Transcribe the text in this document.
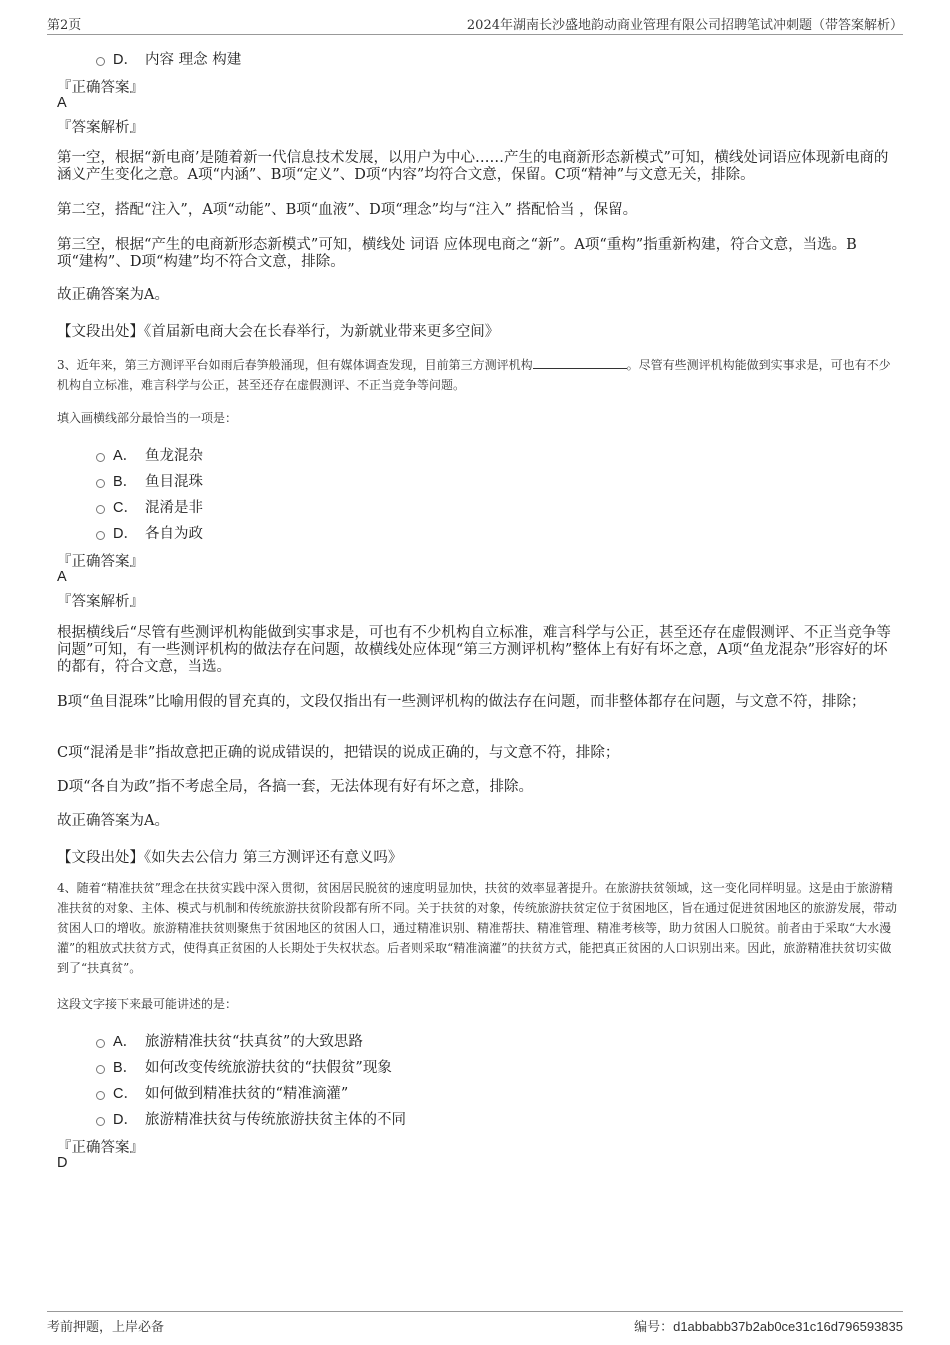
第2页	2024年湖南长沙盛地韵动商业管理有限公司招聘笔试冲刺题（带答案解析）
D． 内容 理念 构建
『正确答案』
A
『答案解析』
第一空，根据“新电商’是随着新一代信息技术发展，以用户为中心……产生的电商新形态新模式”可知，横线处词语应体现新电商的涵义产生变化之意。A项“内涵”、B项“定义”、D项“内容”均符合文意，保留。C项“精神”与文意无关，排除。
第二空，搭配“注入”，A项“动能”、B项“血液”、D项“理念”均与“注入” 搭配恰当 ，保留。
第三空，根据“产生的电商新形态新模式”可知，横线处 词语 应体现电商之“新”。A项“重构”指重新构建，符合文意，当选。B项“建构”、D项“构建”均不符合文意，排除。
故正确答案为A。
【文段出处】《首届新电商大会在长春举行，为新就业带来更多空间》
3、近年来，第三方测评平台如雨后春笋般涌现，但有媒体调查发现，目前第三方测评机构	。尽管有些测评机构能做到实事求是，可也有不少机构自立标准，难言科学与公正，甚至还存在虚假测评、不正当竞争等问题。
填入画横线部分最恰当的一项是：
A． 鱼龙混杂
B． 鱼目混珠
C． 混淆是非
D． 各自为政
『正确答案』
A
『答案解析』
根据横线后“尽管有些测评机构能做到实事求是，可也有不少机构自立标准，难言科学与公正，甚至还存在虚假测评、不正当竞争等问题”可知，有一些测评机构的做法存在问题，故横线处应体现“第三方测评机构”整体上有好有坏之意，A项“鱼龙混杂”形容好的坏的都有，符合文意，当选。
B项“鱼目混珠”比喻用假的冒充真的，文段仅指出有一些测评机构的做法存在问题，而非整体都存在问题，与文意不符，排除；
C项“混淆是非”指故意把正确的说成错误的，把错误的说成正确的，与文意不符，排除；
D项“各自为政”指不考虑全局，各搞一套，无法体现有好有坏之意，排除。
故正确答案为A。
【文段出处】《如失去公信力 第三方测评还有意义吗》
4、随着“精准扶贫”理念在扶贫实践中深入贯彻，贫困居民脱贫的速度明显加快，扶贫的效率显著提升。在旅游扶贫领域，这一变化同样明显。这是由于旅游精准扶贫的对象、主体、模式与机制和传统旅游扶贫阶段都有所不同。关于扶贫的对象，传统旅游扶贫定位于贫困地区，旨在通过促进贫困地区的旅游发展，带动贫困人口的增收。旅游精准扶贫则聚焦于贫困地区的贫困人口，通过精准识别、精准帮扶、精准管理、精准考核等，助力贫困人口脱贫。前者由于采取“大水漫灌”的粗放式扶贫方式，使得真正贫困的人长期处于失权状态。后者则采取“精准滴灌”的扶贫方式，能把真正贫困的人口识别出来。因此，旅游精准扶贫切实做到了“扶真贫”。
这段文字接下来最可能讲述的是：
A． 旅游精准扶贫“扶真贫”的大致思路
B． 如何改变传统旅游扶贫的“扶假贫”现象
C． 如何做到精准扶贫的“精准滴灌”
D． 旅游精准扶贫与传统旅游扶贫主体的不同
『正确答案』
D
考前押题，上岸必备	编号：d1abbabb37b2ab0ce31c16d796593835
